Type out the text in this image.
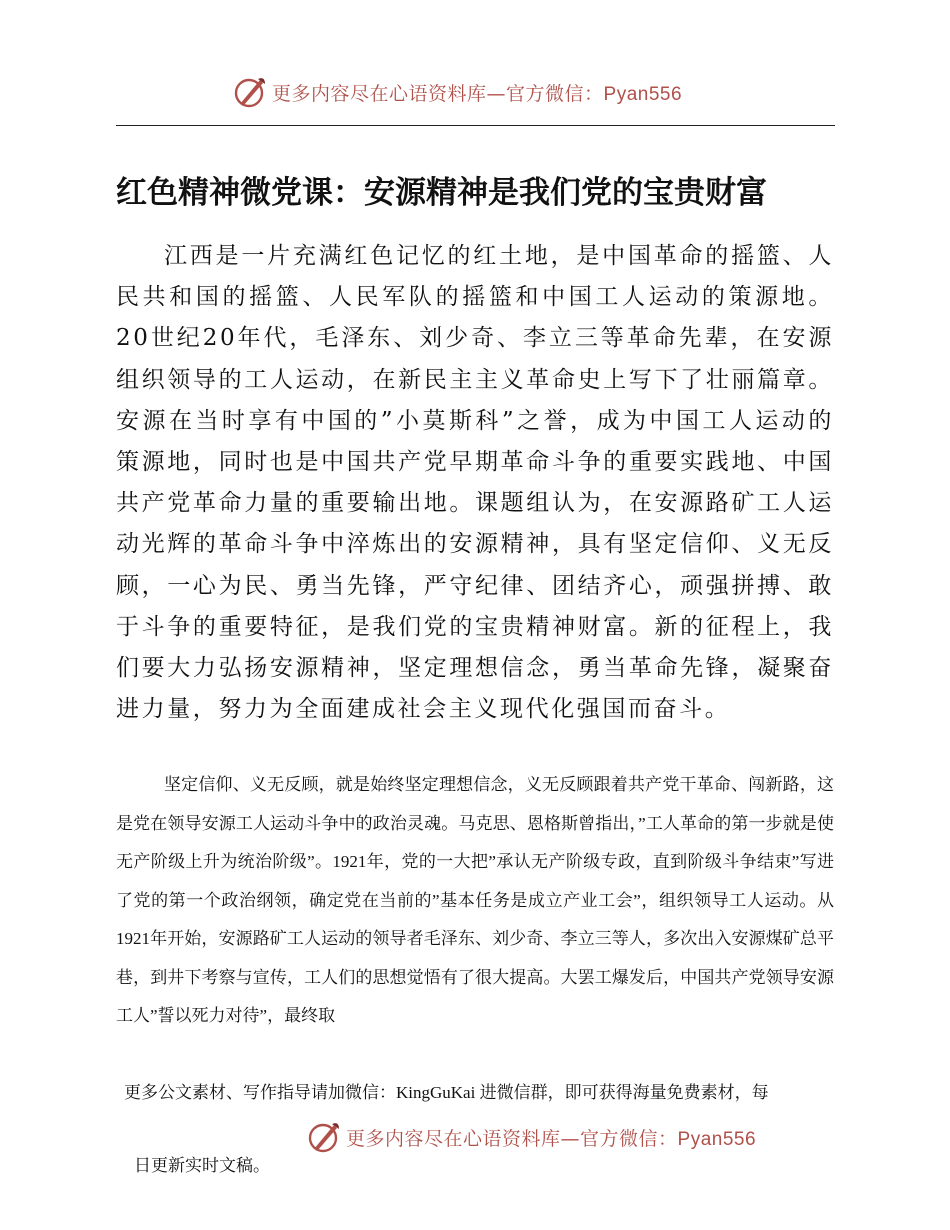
更多内容尽在心语资料库—官方微信：Pyan556
红色精神微党课：安源精神是我们党的宝贵财富

江西是一片充满红色记忆的红土地，是中国革命的摇篮、人民共和国的摇篮、人民军队的摇篮和中国工人运动的策源地。20世纪20年代，毛泽东、刘少奇、李立三等革命先辈，在安源组织领导的工人运动，在新民主主义革命史上写下了壮丽篇章。安源在当时享有中国的”小莫斯科”之誉，成为中国工人运动的策源地，同时也是中国共产党早期革命斗争的重要实践地、中国共产党革命力量的重要输出地。课题组认为，在安源路矿工人运动光辉的革命斗争中淬炼出的安源精神，具有坚定信仰、义无反顾，一心为民、勇当先锋，严守纪律、团结齐心，顽强拼搏、敢于斗争的重要特征，是我们党的宝贵精神财富。新的征程上，我们要大力弘扬安源精神，坚定理想信念，勇当革命先锋，凝聚奋进力量，努力为全面建成社会主义现代化强国而奋斗。

坚定信仰、义无反顾，就是始终坚定理想信念，义无反顾跟着共产党干革命、闯新路，这是党在领导安源工人运动斗争中的政治灵魂。马克思、恩格斯曾指出，”工人革命的第一步就是使无产阶级上升为统治阶级”。1921年，党的一大把”承认无产阶级专政，直到阶级斗争结束”写进了党的第一个政治纲领，确定党在当前的”基本任务是成立产业工会”，组织领导工人运动。从1921年开始，安源路矿工人运动的领导者毛泽东、刘少奇、李立三等人，多次出入安源煤矿总平巷，到井下考察与宣传，工人们的思想觉悟有了很大提高。大罢工爆发后，中国共产党领导安源工人”誓以死力对待”，最终取

更多公文素材、写作指导请加微信：KingGuKai 进微信群，即可获得海量免费素材，每

更多内容尽在心语资料库—官方微信：Pyan556

日更新实时文稿。
